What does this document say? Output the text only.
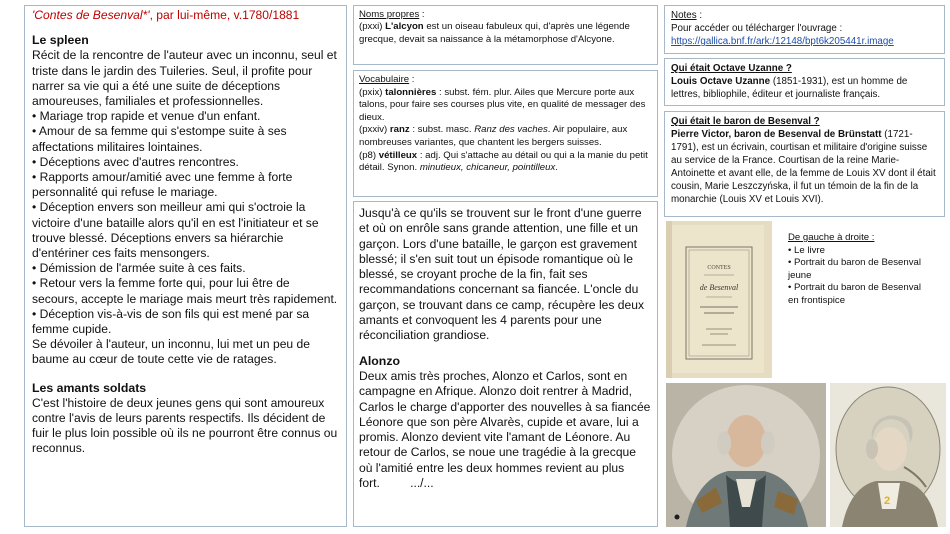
'Contes de Besenval*', par lui-même, v.1780/1881

Le spleen

Récit de la rencontre de l'auteur avec un inconnu, seul et triste dans le jardin des Tuileries. Seul, il profite pour narrer sa vie qui a été une suite de déceptions amoureuses, familiales et professionnelles.

• Mariage trop rapide et venue d'un enfant.

• Amour de sa femme qui s'estompe suite à ses affectations militaires lointaines.

• Déceptions avec d'autres rencontres.

• Rapports amour/amitié avec une femme à forte personnalité qui refuse le mariage.

• Déception envers son meilleur ami qui s'octroie la victoire d'une bataille alors qu'il en est l'initiateur et se trouve blessé. Déceptions envers sa hiérarchie d'entériner ces faits mensongers.

• Démission de l'armée suite à ces faits.

• Retour vers la femme forte qui, pour lui être de secours, accepte le mariage mais meurt très rapidement.

• Déception vis-à-vis de son fils qui est mené par sa femme cupide.

Se dévoiler à l'auteur, un inconnu, lui met un peu de baume au cœur de toute cette vie de ratages.

Les amants soldats

C'est l'histoire de deux jeunes gens qui sont amoureux contre l'avis de leurs parents respectifs. Ils décident de fuir le plus loin possible où ils ne pourront être connus ou reconnus.

Noms propres :

(pxxi) L'alcyon est un oiseau fabuleux qui, d'après une légende grecque, devait sa naissance à la métamorphose d'Alcyone.

Vocabulaire :

(pxix) talonnières : subst. fém. plur. Ailes que Mercure porte aux talons, pour faire ses courses plus vite, en qualité de messager des dieux.

(pxxiv) ranz : subst. masc. Ranz des vaches. Air populaire, aux nombreuses variantes, que chantent les bergers suisses.

(p8) vétilleux : adj. Qui s'attache au détail ou qui a la manie du petit détail. Synon. minutieux, chicaneur, pointilleux.

Jusqu'à ce qu'ils se trouvent sur le front d'une guerre et où on enrôle sans grande attention, une fille et un garçon. Lors d'une bataille, le garçon est gravement blessé; il s'en suit tout un épisode romantique où le blessé, se croyant proche de la fin, fait ses recommandations concernant sa fiancée. L'oncle du garçon, se trouvant dans ce camp, récupère les deux amants et convoquent les 4 parents pour une réconciliation grandiose.

Alonzo

Deux amis très proches, Alonzo et Carlos, sont en campagne en Afrique. Alonzo doit rentrer à Madrid, Carlos le charge d'apporter des nouvelles à sa fiancée Léonore que son père Alvarès, cupide et avare, lui a promis. Alonzo devient vite l'amant de Léonore. Au retour de Carlos, se noue une tragédie à la grecque où l'amitié entre les deux hommes revient au plus fort.	.../...

Notes :

Pour accéder ou télécharger l'ouvrage :

https://gallica.bnf.fr/ark:/12148/bpt6k205441r.image

Qui était Octave Uzanne ?

Louis Octave Uzanne (1851-1931), est un homme de lettres, bibliophile, éditeur et journaliste français.

Qui était le baron de Besenval ?

Pierre Victor, baron de Besenval de Brünstatt (1721-1791), est un écrivain, courtisan et militaire d'origine suisse au service de la France. Courtisan de la reine Marie-Antoinette et avant elle, de la femme de Louis XV dont il était cousin, Marie Leszczyńska, il fut un témoin de la fin de la monarchie (Louis XV et Louis XVI).

CONTES
de Besenval

De gauche à droite :

• Le livre
• Portrait du baron de Besenval jeune
• Portrait du baron de Besenval en frontispice
2
